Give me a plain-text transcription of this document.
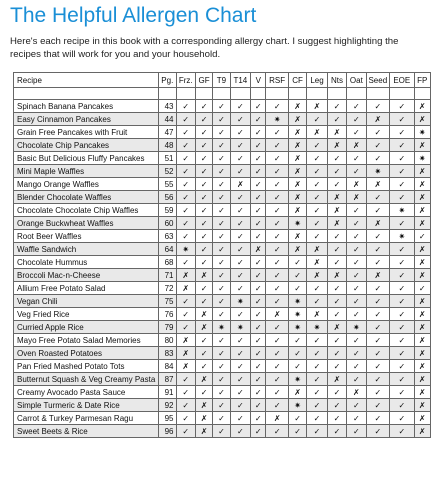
The Helpful Allergen Chart
Here's each recipe in this book with a corresponding allergy chart. I suggest highlighting the recipes that will work for you and your household.
Recipe	Pg.	Frz.	GF	T9	T14	V	RSF	CF	Leg	Nts	Oat	Seed	EOE	FP

Spinach Banana Pancakes	43	✓	✓	✓	✓	✓	✓	✗	✗	✓	✓	✓	✓	✗
Easy Cinnamon Pancakes	44	✓	✓	✓	✓	✓	✷	✗	✓	✓	✓	✗	✓	✗
Grain Free Pancakes with Fruit	47	✓	✓	✓	✓	✓	✓	✗	✗	✗	✓	✓	✓	✷
Chocolate Chip Pancakes	48	✓	✓	✓	✓	✓	✓	✗	✓	✗	✗	✓	✓	✗
Basic But Delicious Fluffy Pancakes	51	✓	✓	✓	✓	✓	✓	✗	✓	✓	✓	✓	✓	✷
Mini Maple Waffles	52	✓	✓	✓	✓	✓	✓	✗	✓	✓	✓	✷	✓	✗
Mango Orange Waffles	55	✓	✓	✓	✗	✓	✓	✗	✓	✓	✗	✗	✓	✗
Blender Chocolate Waffles	56	✓	✓	✓	✓	✓	✓	✗	✓	✗	✗	✓	✓	✗
Chocolate Chocolate Chip Waffles	59	✓	✓	✓	✓	✓	✓	✗	✓	✗	✓	✓	✷	✗
Orange Buckwheat Waffles	60	✓	✓	✓	✓	✓	✓	✷	✓	✗	✓	✗	✓	✗
Root Beer Waffles	63	✓	✓	✓	✓	✓	✓	✗	✓	✓	✓	✓	✷	✓
Waffle Sandwich	64	✷	✓	✓	✓	✗	✓	✗	✗	✓	✓	✓	✓	✗
Chocolate Hummus	68	✓	✓	✓	✓	✓	✓	✓	✗	✓	✓	✓	✓	✗
Broccoli Mac-n-Cheese	71	✗	✗	✓	✓	✓	✓	✓	✗	✗	✓	✗	✓	✗
Allium Free Potato Salad	72	✗	✓	✓	✓	✓	✓	✓	✓	✓	✓	✓	✓	✓
Vegan Chili	75	✓	✓	✓	✷	✓	✓	✷	✓	✓	✓	✓	✓	✗
Veg Fried Rice	76	✓	✗	✓	✓	✓	✗	✷	✗	✓	✓	✓	✓	✗
Curried Apple Rice	79	✓	✗	✷	✷	✓	✓	✷	✷	✗	✷	✓	✓	✗
Mayo Free Potato Salad Memories	80	✗	✓	✓	✓	✓	✓	✓	✓	✓	✓	✓	✓	✗
Oven Roasted Potatoes	83	✗	✓	✓	✓	✓	✓	✓	✓	✓	✓	✓	✓	✗
Pan Fried Mashed Potato Tots	84	✗	✓	✓	✓	✓	✓	✓	✓	✓	✓	✓	✓	✗
Butternut Squash & Veg Creamy Pasta	87	✓	✗	✓	✓	✓	✓	✷	✓	✗	✓	✓	✓	✗
Creamy Avocado Pasta Sauce	91	✓	✓	✓	✓	✓	✓	✗	✓	✓	✗	✓	✓	✗
Simple Turmeric & Date Rice	92	✓	✗	✓	✓	✓	✓	✷	✓	✓	✓	✓	✓	✗
Carrot & Turkey Parmesan Ragu	95	✓	✗	✓	✓	✓	✗	✓	✓	✓	✓	✓	✓	✗
Sweet Beets & Rice	96	✓	✗	✓	✓	✓	✓	✓	✓	✓	✓	✓	✓	✗
